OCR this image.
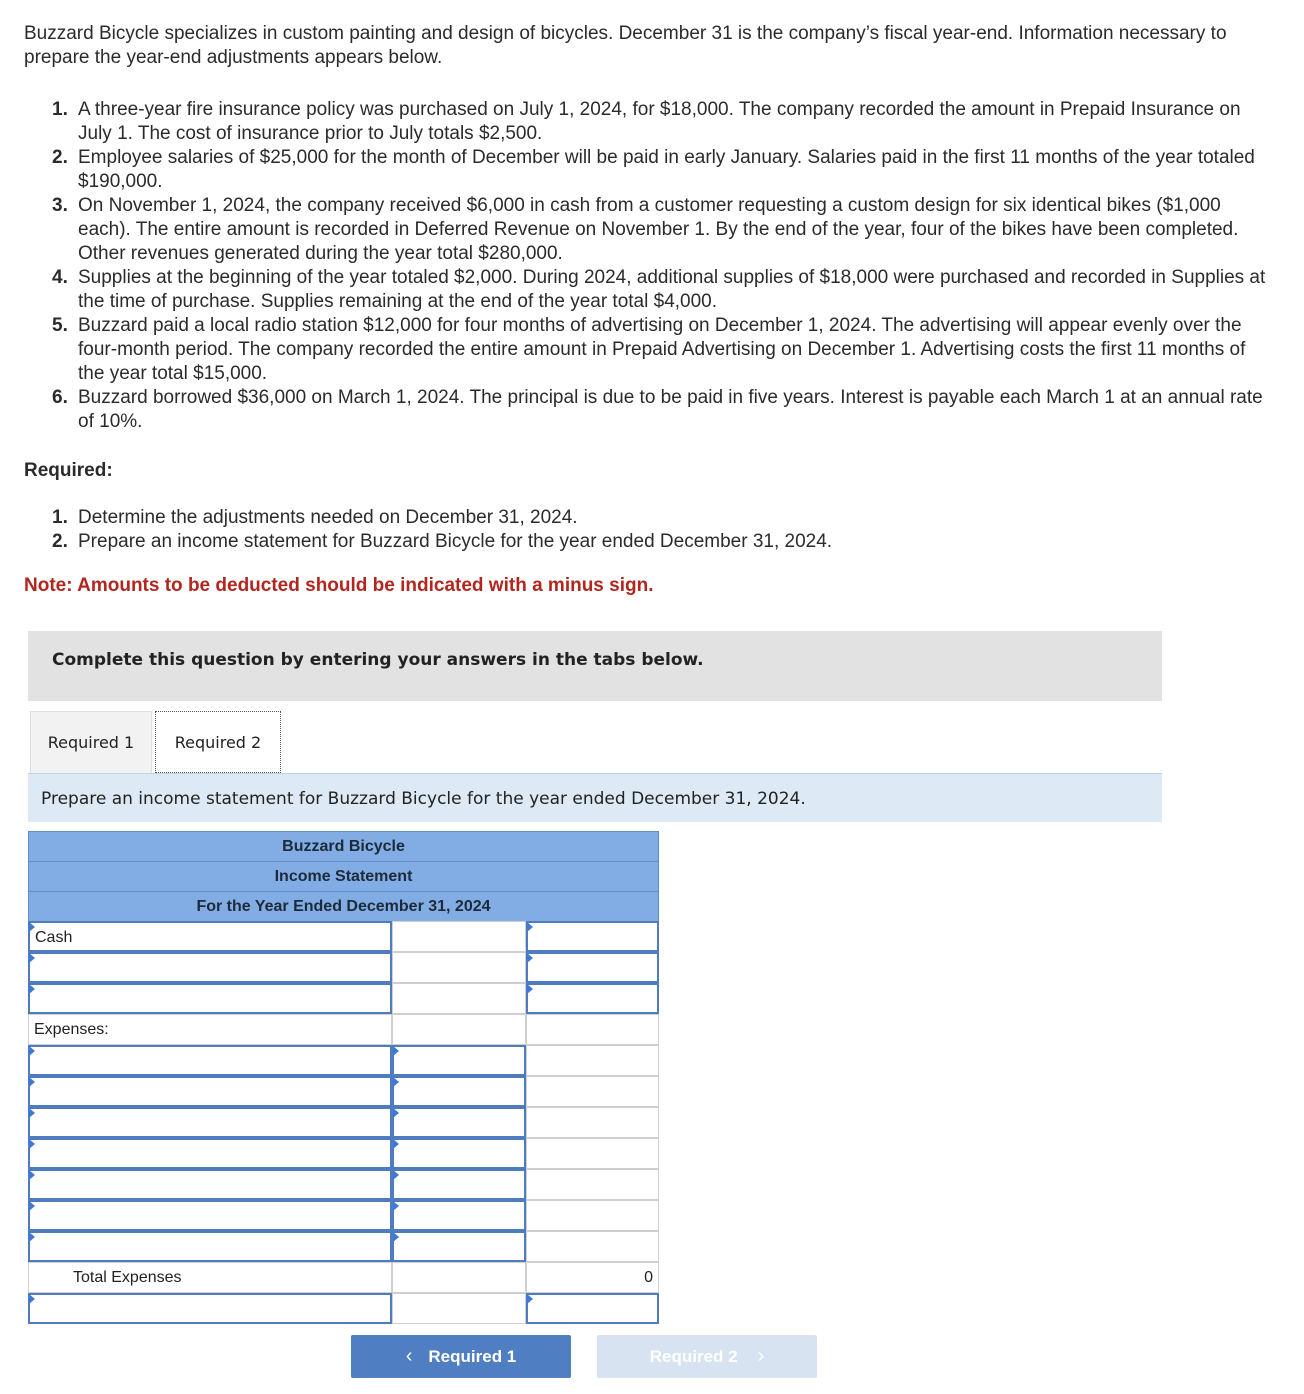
Buzzard Bicycle specializes in custom painting and design of bicycles. December 31 is the company’s fiscal year-end. Information necessary to prepare the year-end adjustments appears below.
1. A three-year fire insurance policy was purchased on July 1, 2024, for $18,000. The company recorded the amount in Prepaid Insurance on July 1. The cost of insurance prior to July totals $2,500.
2. Employee salaries of $25,000 for the month of December will be paid in early January. Salaries paid in the first 11 months of the year totaled $190,000.
3. On November 1, 2024, the company received $6,000 in cash from a customer requesting a custom design for six identical bikes ($1,000 each). The entire amount is recorded in Deferred Revenue on November 1. By the end of the year, four of the bikes have been completed. Other revenues generated during the year total $280,000.
4. Supplies at the beginning of the year totaled $2,000. During 2024, additional supplies of $18,000 were purchased and recorded in Supplies at the time of purchase. Supplies remaining at the end of the year total $4,000.
5. Buzzard paid a local radio station $12,000 for four months of advertising on December 1, 2024. The advertising will appear evenly over the four-month period. The company recorded the entire amount in Prepaid Advertising on December 1. Advertising costs the first 11 months of the year total $15,000.
6. Buzzard borrowed $36,000 on March 1, 2024. The principal is due to be paid in five years. Interest is payable each March 1 at an annual rate of 10%.
Required:
1. Determine the adjustments needed on December 31, 2024.
2. Prepare an income statement for Buzzard Bicycle for the year ended December 31, 2024.
Note: Amounts to be deducted should be indicated with a minus sign.
Complete this question by entering your answers in the tabs below.
Required 1	Required 2
Prepare an income statement for Buzzard Bicycle for the year ended December 31, 2024.
Buzzard Bicycle
Income Statement
For the Year Ended December 31, 2024
Cash
Expenses:
Total Expenses	0
‹ Required 1	Required 2 ›
